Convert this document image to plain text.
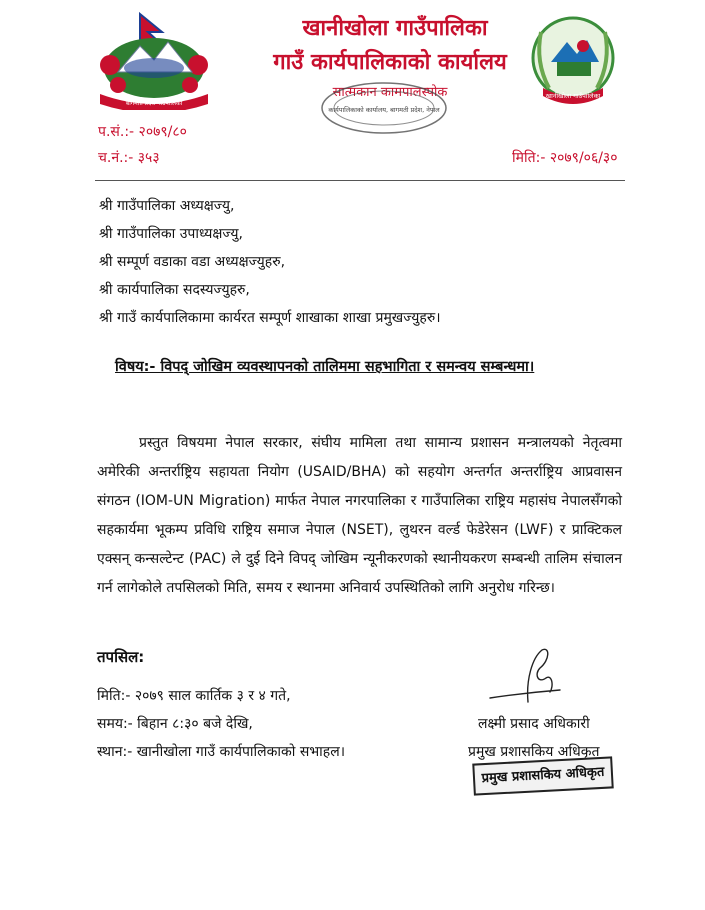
बागमती प्रदेश गाउँपालिका
खानीखोला गाउँपालिका
गाउँ कार्यपालिकाको कार्यालय
सात्मकान कामपालस्पोक
कार्यपालिकाको कार्यालय, बागमती प्रदेश, नेपाल
खानीखोला गाउँपालिका
प.सं.:- २०७९/८०
च.नं.:- ३५३	मिति:- २०७९/०६/३०
श्री गाउँपालिका अध्यक्षज्यु,
श्री गाउँपालिका उपाध्यक्षज्यु,
श्री सम्पूर्ण वडाका वडा अध्यक्षज्युहरु,
श्री कार्यपालिका सदस्यज्युहरु,
श्री गाउँ कार्यपालिकामा कार्यरत सम्पूर्ण शाखाका शाखा प्रमुखज्युहरु।
विषय:- विपद् जोखिम व्यवस्थापनको तालिममा सहभागिता र समन्वय सम्बन्धमा।
प्रस्तुत विषयमा नेपाल सरकार, संघीय मामिला तथा सामान्य प्रशासन मन्त्रालयको नेतृत्वमा अमेरिकी अन्तर्राष्ट्रिय सहायता नियोग (USAID/BHA) को सहयोग अन्तर्गत अन्तर्राष्ट्रिय आप्रवासन संगठन (IOM-UN Migration) मार्फत नेपाल नगरपालिका र गाउँपालिका राष्ट्रिय महासंघ नेपालसँगको सहकार्यमा भूकम्प प्रविधि राष्ट्रिय समाज नेपाल (NSET), लुथरन वर्ल्ड फेडेरेसन (LWF) र प्राक्टिकल एक्सन् कन्सल्टेन्ट (PAC) ले दुई दिने विपद् जोखिम न्यूनीकरणको स्थानीयकरण सम्बन्धी तालिम संचालन गर्न लागेकोले तपसिलको मिति, समय र स्थानमा अनिवार्य उपस्थितिको लागि अनुरोध गरिन्छ।
तपसिल:
मिति:- २०७९ साल कार्तिक ३ र ४ गते,
समय:- बिहान ८:३० बजे देखि,
स्थान:- खानीखोला गाउँ कार्यपालिकाको सभाहल।
लक्ष्मी प्रसाद अधिकारी
प्रमुख प्रशासकिय अधिकृत
प्रमुख प्रशासकिय अधिकृत
